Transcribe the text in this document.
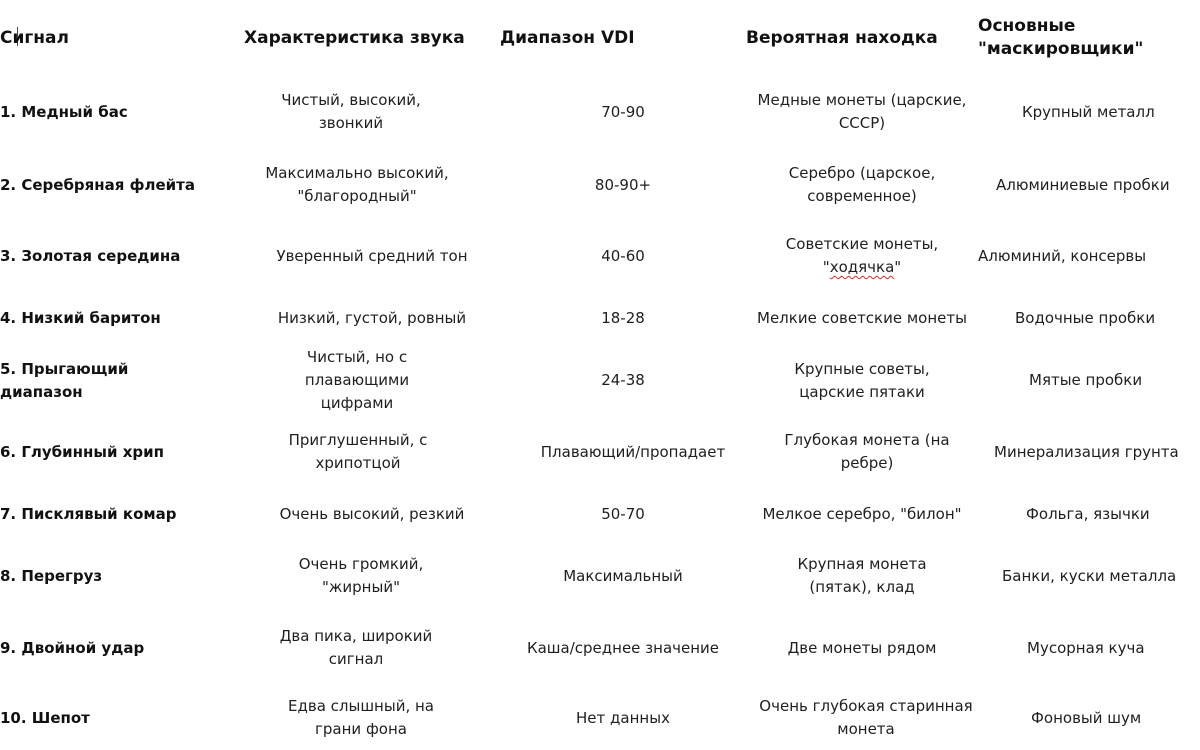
Сигнал	Характеристика звука	Диапазон VDI	Вероятная находка	Основные "маскировщики"
1. Медный бас	Чистый, высокий, звонкий	70-90	Медные монеты (царские, СССР)	Крупный металл
2. Серебряная флейта	Максимально высокий, "благородный"	80-90+	Серебро (царское, современное)	Алюминиевые пробки
3. Золотая середина	Уверенный средний тон	40-60	Советские монеты, "ходячка"	Алюминий, консервы
4. Низкий баритон	Низкий, густой, ровный	18-28	Мелкие советские монеты	Водочные пробки
5. Прыгающий диапазон	Чистый, но с плавающими цифрами	24-38	Крупные советы, царские пятаки	Мятые пробки
6. Глубинный хрип	Приглушенный, с хрипотцой	Плавающий/пропадает	Глубокая монета (на ребре)	Минерализация грунта
7. Писклявый комар	Очень высокий, резкий	50-70	Мелкое серебро, "билон"	Фольга, язычки
8. Перегруз	Очень громкий, "жирный"	Максимальный	Крупная монета (пятак), клад	Банки, куски металла
9. Двойной удар	Два пика, широкий сигнал	Каша/среднее значение	Две монеты рядом	Мусорная куча
10. Шепот	Едва слышный, на грани фона	Нет данных	Очень глубокая старинная монета	Фоновый шум
